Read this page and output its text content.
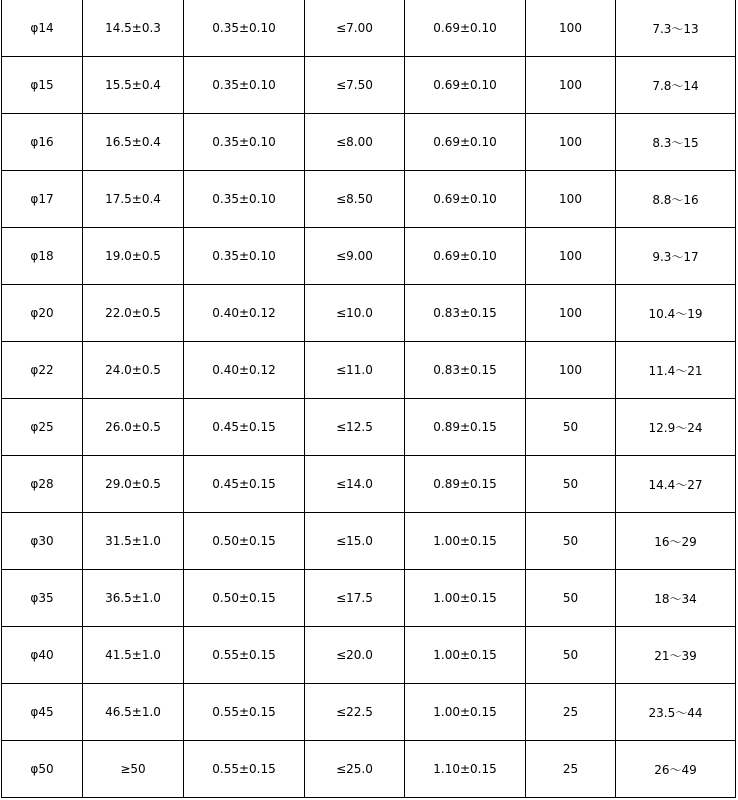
φ14	14.5±0.3	0.35±0.10	≤7.00	0.69±0.10	100	7.3～13
φ15	15.5±0.4	0.35±0.10	≤7.50	0.69±0.10	100	7.8～14
φ16	16.5±0.4	0.35±0.10	≤8.00	0.69±0.10	100	8.3～15
φ17	17.5±0.4	0.35±0.10	≤8.50	0.69±0.10	100	8.8～16
φ18	19.0±0.5	0.35±0.10	≤9.00	0.69±0.10	100	9.3～17
φ20	22.0±0.5	0.40±0.12	≤10.0	0.83±0.15	100	10.4～19
φ22	24.0±0.5	0.40±0.12	≤11.0	0.83±0.15	100	11.4～21
φ25	26.0±0.5	0.45±0.15	≤12.5	0.89±0.15	50	12.9～24
φ28	29.0±0.5	0.45±0.15	≤14.0	0.89±0.15	50	14.4～27
φ30	31.5±1.0	0.50±0.15	≤15.0	1.00±0.15	50	16～29
φ35	36.5±1.0	0.50±0.15	≤17.5	1.00±0.15	50	18～34
φ40	41.5±1.0	0.55±0.15	≤20.0	1.00±0.15	50	21～39
φ45	46.5±1.0	0.55±0.15	≤22.5	1.00±0.15	25	23.5～44
φ50	≥50	0.55±0.15	≤25.0	1.10±0.15	25	26～49
